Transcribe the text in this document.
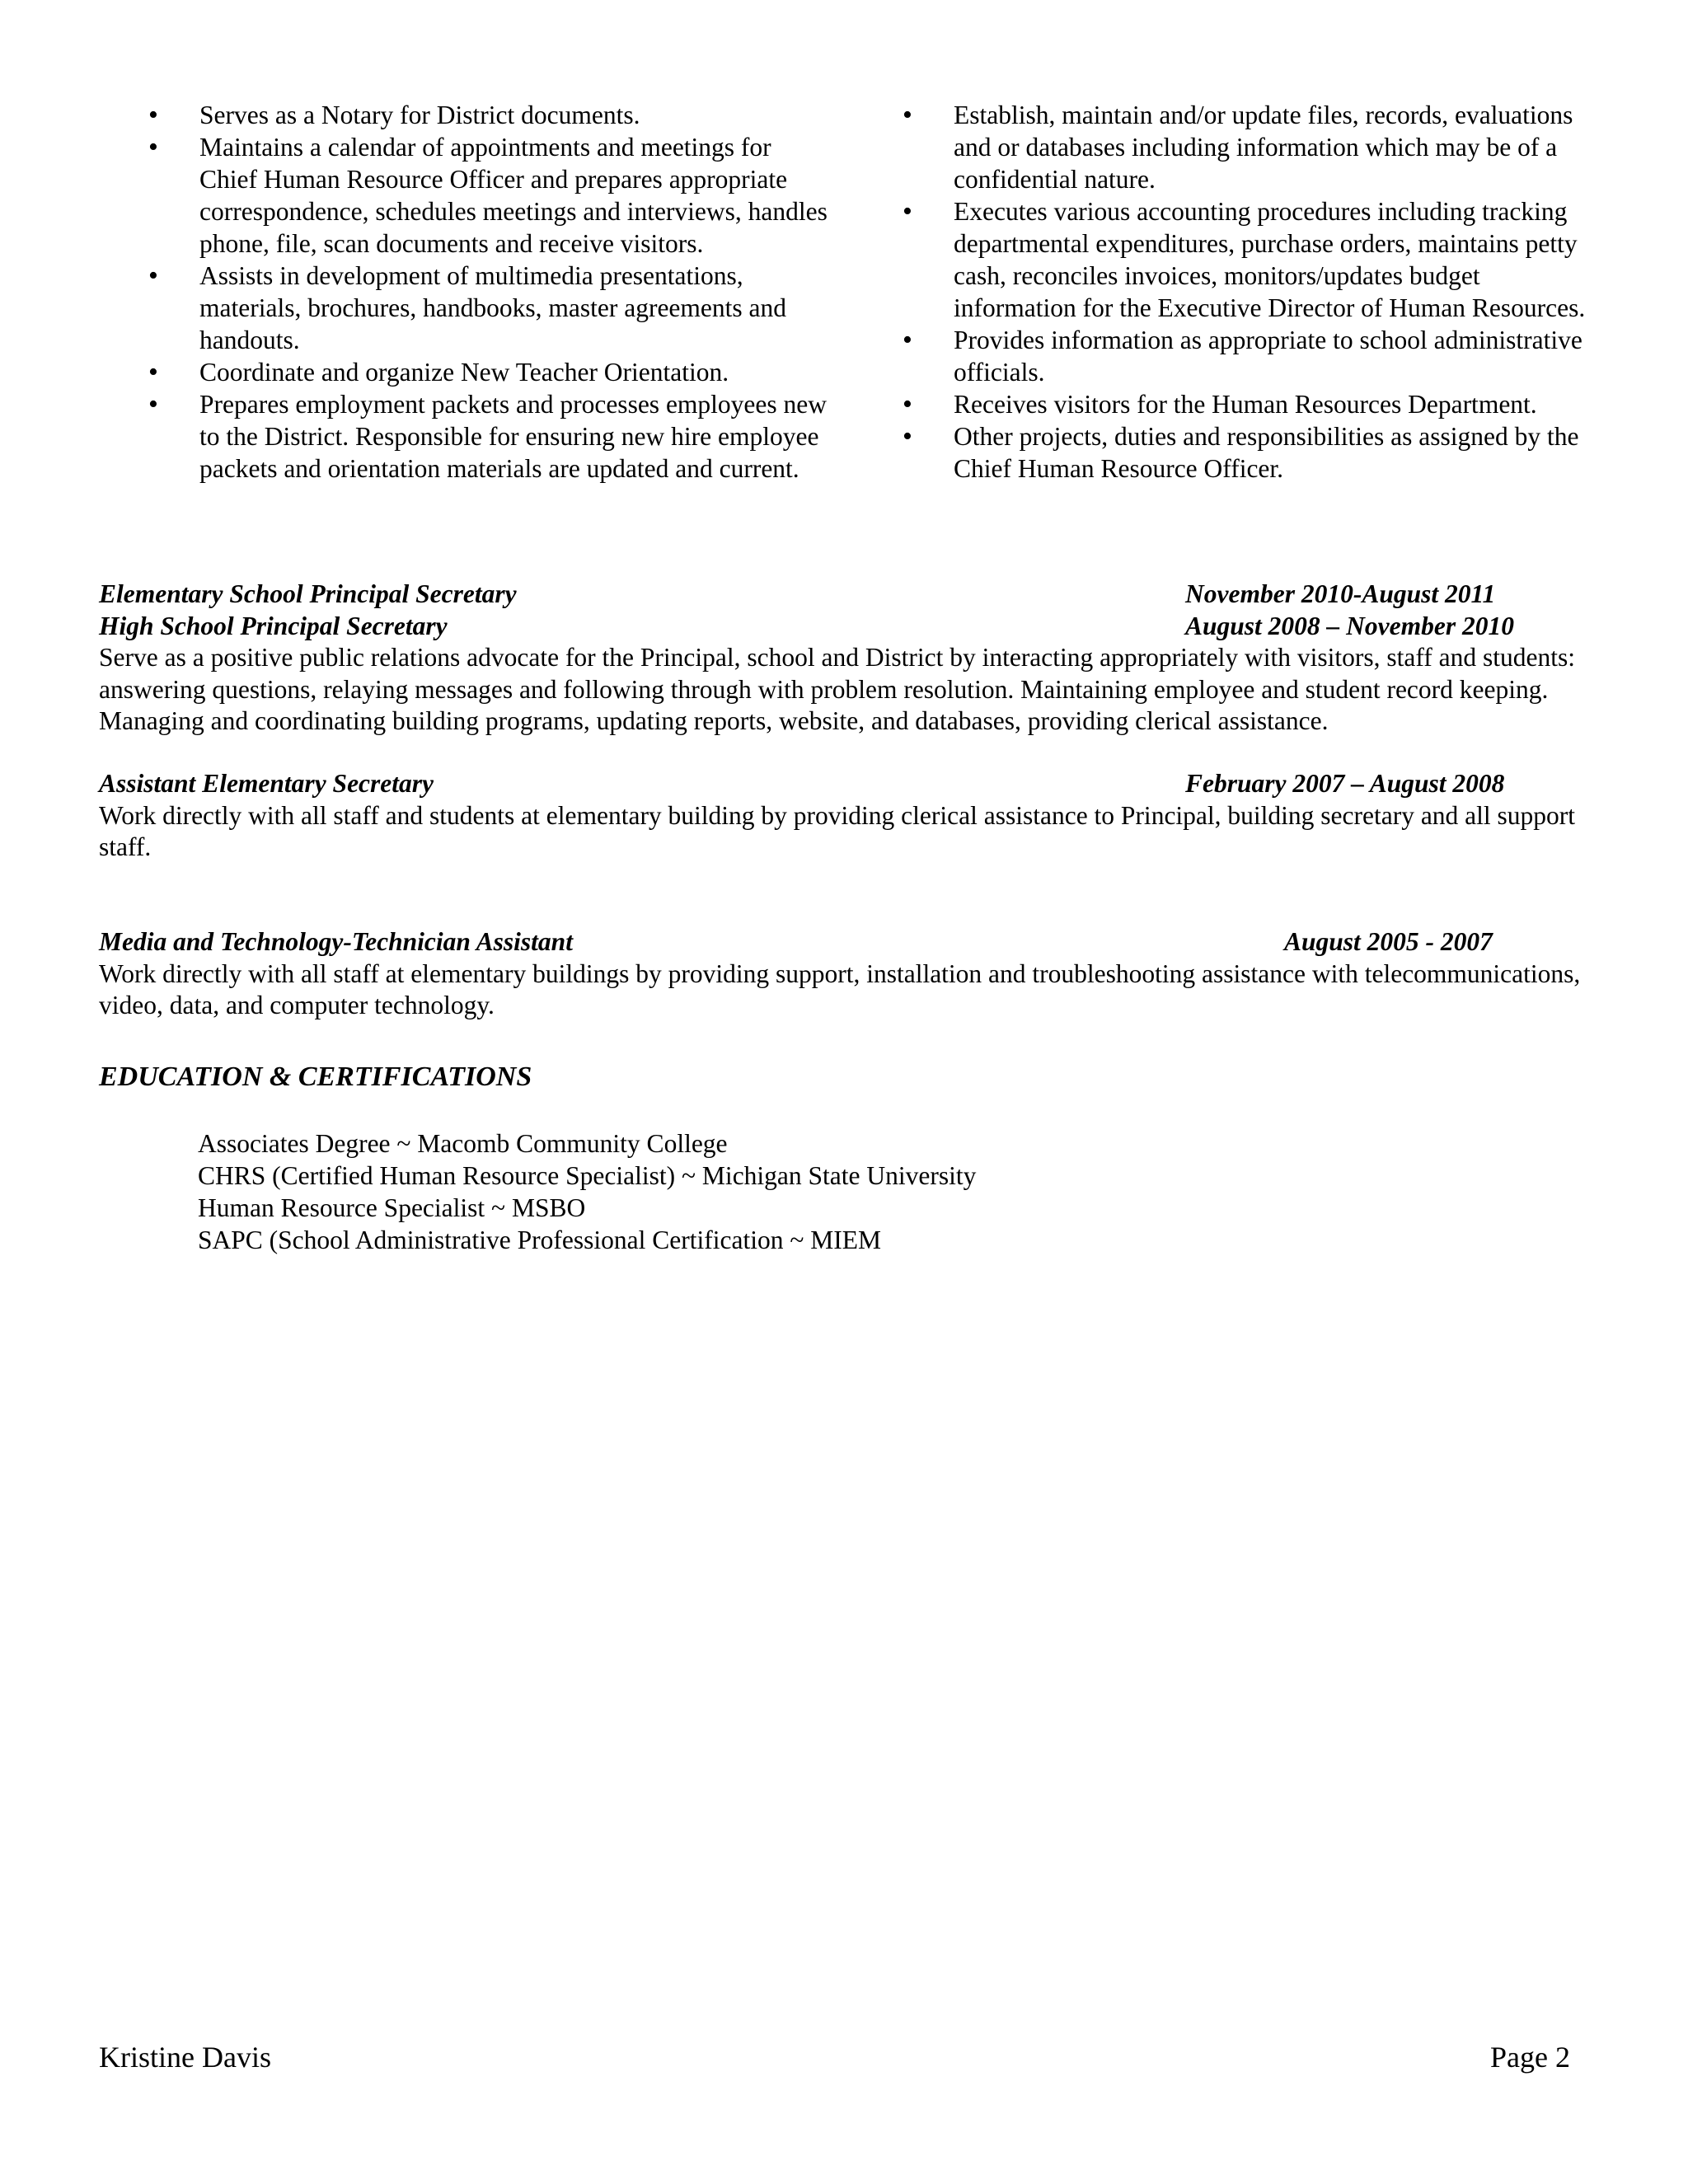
• Serves as a Notary for District documents.
• Maintains a calendar of appointments and meetings for Chief Human Resource Officer and prepares appropriate correspondence, schedules meetings and interviews, handles phone, file, scan documents and receive visitors.
• Assists in development of multimedia presentations, materials, brochures, handbooks, master agreements and handouts.
• Coordinate and organize New Teacher Orientation.
• Prepares employment packets and processes employees new to the District. Responsible for ensuring new hire employee packets and orientation materials are updated and current.
• Establish, maintain and/or update files, records, evaluations and or databases including information which may be of a confidential nature.
• Executes various accounting procedures including tracking departmental expenditures, purchase orders, maintains petty cash, reconciles invoices, monitors/updates budget information for the Executive Director of Human Resources.
• Provides information as appropriate to school administrative officials.
• Receives visitors for the Human Resources Department.
• Other projects, duties and responsibilities as assigned by the Chief Human Resource Officer.
Elementary School Principal Secretary	November 2010-August 2011
High School Principal Secretary	August 2008 – November 2010

Serve as a positive public relations advocate for the Principal, school and District by interacting appropriately with visitors, staff and students: answering questions, relaying messages and following through with problem resolution. Maintaining employee and student record keeping. Managing and coordinating building programs, updating reports, website, and databases, providing clerical assistance.

Assistant Elementary Secretary	February 2007 – August 2008

Work directly with all staff and students at elementary building by providing clerical assistance to Principal, building secretary and all support staff.

Media and Technology-Technician Assistant	August 2005 - 2007

Work directly with all staff at elementary buildings by providing support, installation and troubleshooting assistance with telecommunications, video, data, and computer technology.

EDUCATION & CERTIFICATIONS
Associates Degree ~ Macomb Community College
CHRS (Certified Human Resource Specialist) ~ Michigan State University
Human Resource Specialist ~ MSBO
SAPC (School Administrative Professional Certification ~ MIEM
Kristine Davis	Page 2
